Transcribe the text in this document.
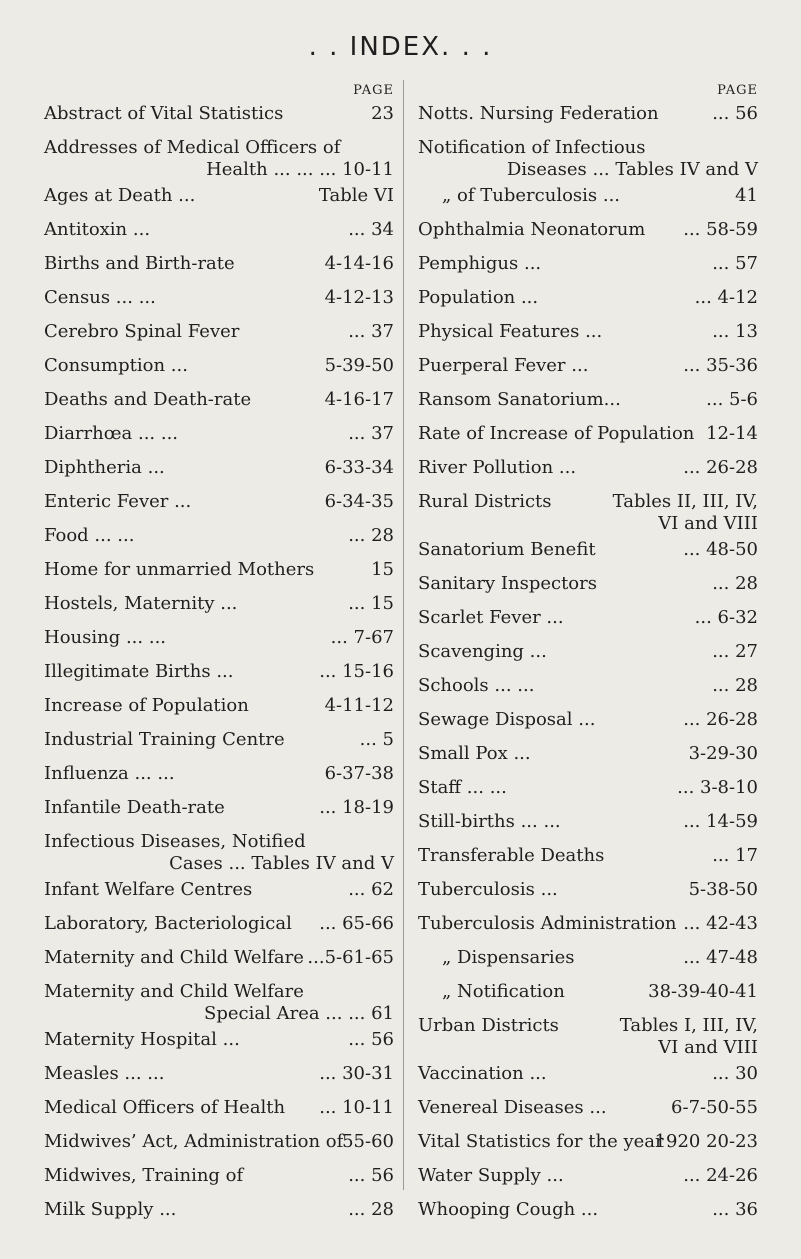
. . INDEX. . .
PAGE
Abstract of Vital Statistics	23
Addresses of Medical Officers of
Health ... ... ... 10-11
Ages at Death ...	Table VI
Antitoxin ...	... 34
Births and Birth-rate	4-14-16
Census ... ...	4-12-13
Cerebro Spinal Fever	... 37
Consumption ...	5-39-50
Deaths and Death-rate	4-16-17
Diarrhœa ... ...	... 37
Diphtheria ...	6-33-34
Enteric Fever ...	6-34-35
Food ... ...	... 28
Home for unmarried Mothers	15
Hostels, Maternity ...	... 15
Housing ... ...	... 7-67
Illegitimate Births ...	... 15-16
Increase of Population	4-11-12
Industrial Training Centre	... 5
Influenza ... ...	6-37-38
Infantile Death-rate	... 18-19
Infectious Diseases, Notified
Cases ... Tables IV and V
Infant Welfare Centres	... 62
Laboratory, Bacteriological ... 65-66
Maternity and Child Welfare ...5-61-65
Maternity and Child Welfare
Special Area ... ... 61
Maternity Hospital ...	... 56
Measles ... ...	... 30-31
Medical Officers of Health ... 10-11
Midwives’ Act, Administration of
55-60
Midwives, Training of	... 56
Milk Supply ...	... 28
PAGE
Notts. Nursing Federation	... 56
Notification of Infectious
Diseases ... Tables IV and V
„ of Tuberculosis ...	41
Ophthalmia Neonatorum ... 58-59
Pemphigus ...	... 57
Population ...	... 4-12
Physical Features ...	... 13
Puerperal Fever ...	... 35-36
Ransom Sanatorium...	... 5-6
Rate of Increase of Population 12-14
River Pollution ...	... 26-28
Rural Districts	Tables II, III, IV,
VI and VIII
Sanatorium Benefit	... 48-50
Sanitary Inspectors	... 28
Scarlet Fever ...	... 6-32
Scavenging ...	... 27
Schools ... ...	... 28
Sewage Disposal ...	... 26-28
Small Pox ...	3-29-30
Staff ... ...	... 3-8-10
Still-births ... ...	... 14-59
Transferable Deaths	... 17
Tuberculosis ...	5-38-50
Tuberculosis Administration ... 42-43
„ Dispensaries	... 47-48
„ Notification	38-39-40-41
Urban Districts	Tables I, III, IV,
VI and VIII
Vaccination ...	... 30
Venereal Diseases ...	6-7-50-55
Vital Statistics for the year
1920 20-23
Water Supply ...	... 24-26
Whooping Cough ...	... 36
